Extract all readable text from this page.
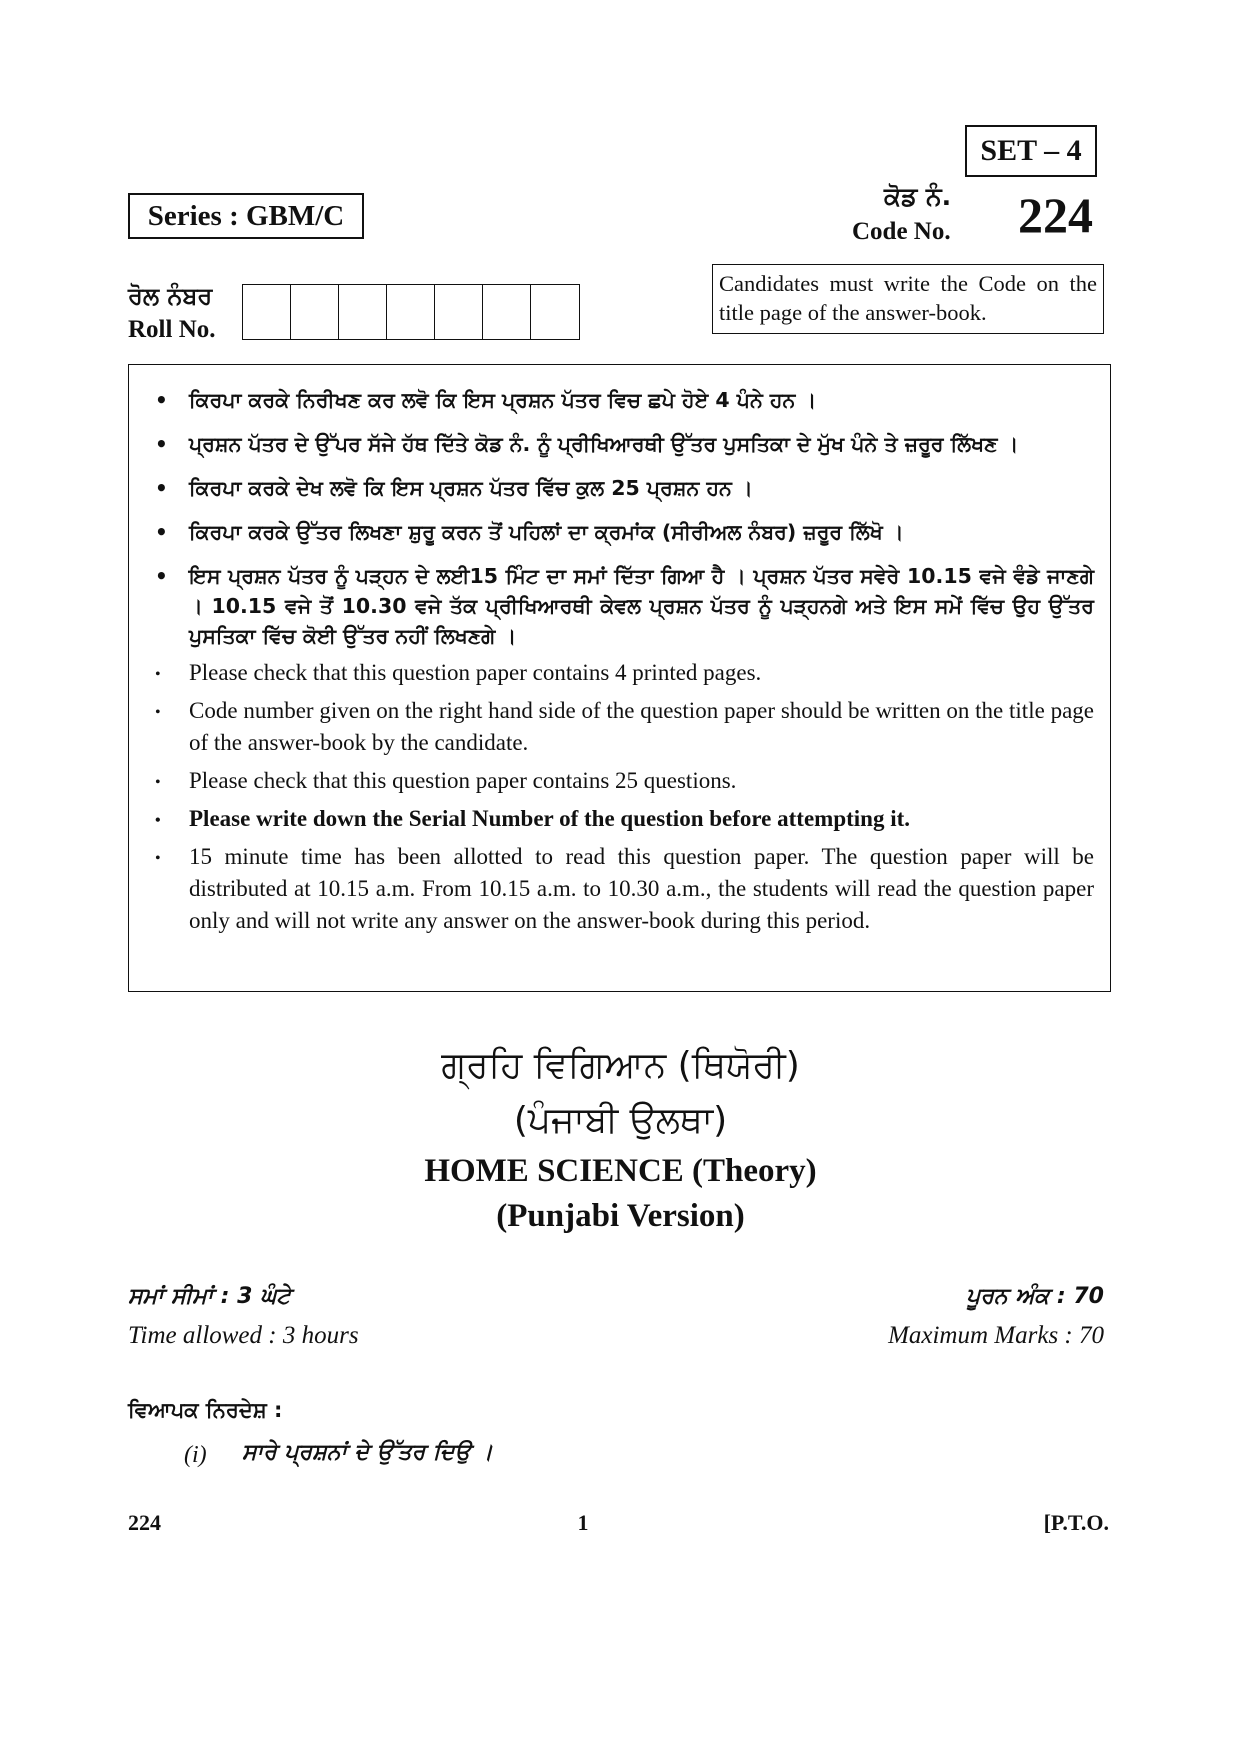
SET – 4
Series : GBM/C
ਕੋਡ ਨੰ.
Code No. 224
Candidates must write the Code on the title page of the answer-book.
ਰੋਲ ਨੰਬਰ
Roll No.
• ਕਿਰਪਾ ਕਰਕੇ ਨਿਰੀਖਣ ਕਰ ਲਵੋ ਕਿ ਇਸ ਪ੍ਰਸ਼ਨ ਪੱਤਰ ਵਿਚ ਛਪੇ ਹੋਏ 4 ਪੰਨੇ ਹਨ ।
• ਪ੍ਰਸ਼ਨ ਪੱਤਰ ਦੇ ਉੱਪਰ ਸੱਜੇ ਹੱਥ ਦਿੱਤੇ ਕੋਡ ਨੰ. ਨੂੰ ਪ੍ਰੀਖਿਆਰਥੀ ਉੱਤਰ ਪੁਸਤਿਕਾ ਦੇ ਮੁੱਖ ਪੰਨੇ ਤੇ ਜ਼ਰੂਰ ਲਿੱਖਣ ।
• ਕਿਰਪਾ ਕਰਕੇ ਦੇਖ ਲਵੋ ਕਿ ਇਸ ਪ੍ਰਸ਼ਨ ਪੱਤਰ ਵਿੱਚ ਕੁਲ 25 ਪ੍ਰਸ਼ਨ ਹਨ ।
• ਕਿਰਪਾ ਕਰਕੇ ਉੱਤਰ ਲਿਖਣਾ ਸ਼ੁਰੂ ਕਰਨ ਤੋਂ ਪਹਿਲਾਂ ਦਾ ਕ੍ਰਮਾਂਕ (ਸੀਰੀਅਲ ਨੰਬਰ) ਜ਼ਰੂਰ ਲਿੱਖੋ ।
• ਇਸ ਪ੍ਰਸ਼ਨ ਪੱਤਰ ਨੂੰ ਪੜ੍ਹਨ ਦੇ ਲਈ15 ਮਿੰਟ ਦਾ ਸਮਾਂ ਦਿੱਤਾ ਗਿਆ ਹੈ । ਪ੍ਰਸ਼ਨ ਪੱਤਰ ਸਵੇਰੇ 10.15 ਵਜੇ ਵੰਡੇ ਜਾਣਗੇ । 10.15 ਵਜੇ ਤੋਂ 10.30 ਵਜੇ ਤੱਕ ਪ੍ਰੀਖਿਆਰਥੀ ਕੇਵਲ ਪ੍ਰਸ਼ਨ ਪੱਤਰ ਨੂੰ ਪੜ੍ਹਨਗੇ ਅਤੇ ਇਸ ਸਮੇਂ ਵਿੱਚ ਉਹ ਉੱਤਰ ਪੁਸਤਿਕਾ ਵਿੱਚ ਕੋਈ ਉੱਤਰ ਨਹੀਂ ਲਿਖਣਗੇ ।
• Please check that this question paper contains 4 printed pages.
• Code number given on the right hand side of the question paper should be written on the title page of the answer-book by the candidate.
• Please check that this question paper contains 25 questions.
• Please write down the Serial Number of the question before attempting it.
• 15 minute time has been allotted to read this question paper. The question paper will be distributed at 10.15 a.m. From 10.15 a.m. to 10.30 a.m., the students will read the question paper only and will not write any answer on the answer-book during this period.
ਗ੍ਰਹਿ ਵਿਗਿਆਨ (ਥਿਯੋਰੀ)
(ਪੰਜਾਬੀ ਉਲਥਾ)
HOME SCIENCE (Theory)
(Punjabi Version)
ਸਮਾਂ ਸੀਮਾਂ : 3 ਘੰਟੇ
Time allowed : 3 hours
ਪੂਰਨ ਅੰਕ : 70
Maximum Marks : 70
ਵਿਆਪਕ ਨਿਰਦੇਸ਼ :
(i) ਸਾਰੇ ਪ੍ਰਸ਼ਨਾਂ ਦੇ ਉੱਤਰ ਦਿਉ ।
224	1	[P.T.O.
